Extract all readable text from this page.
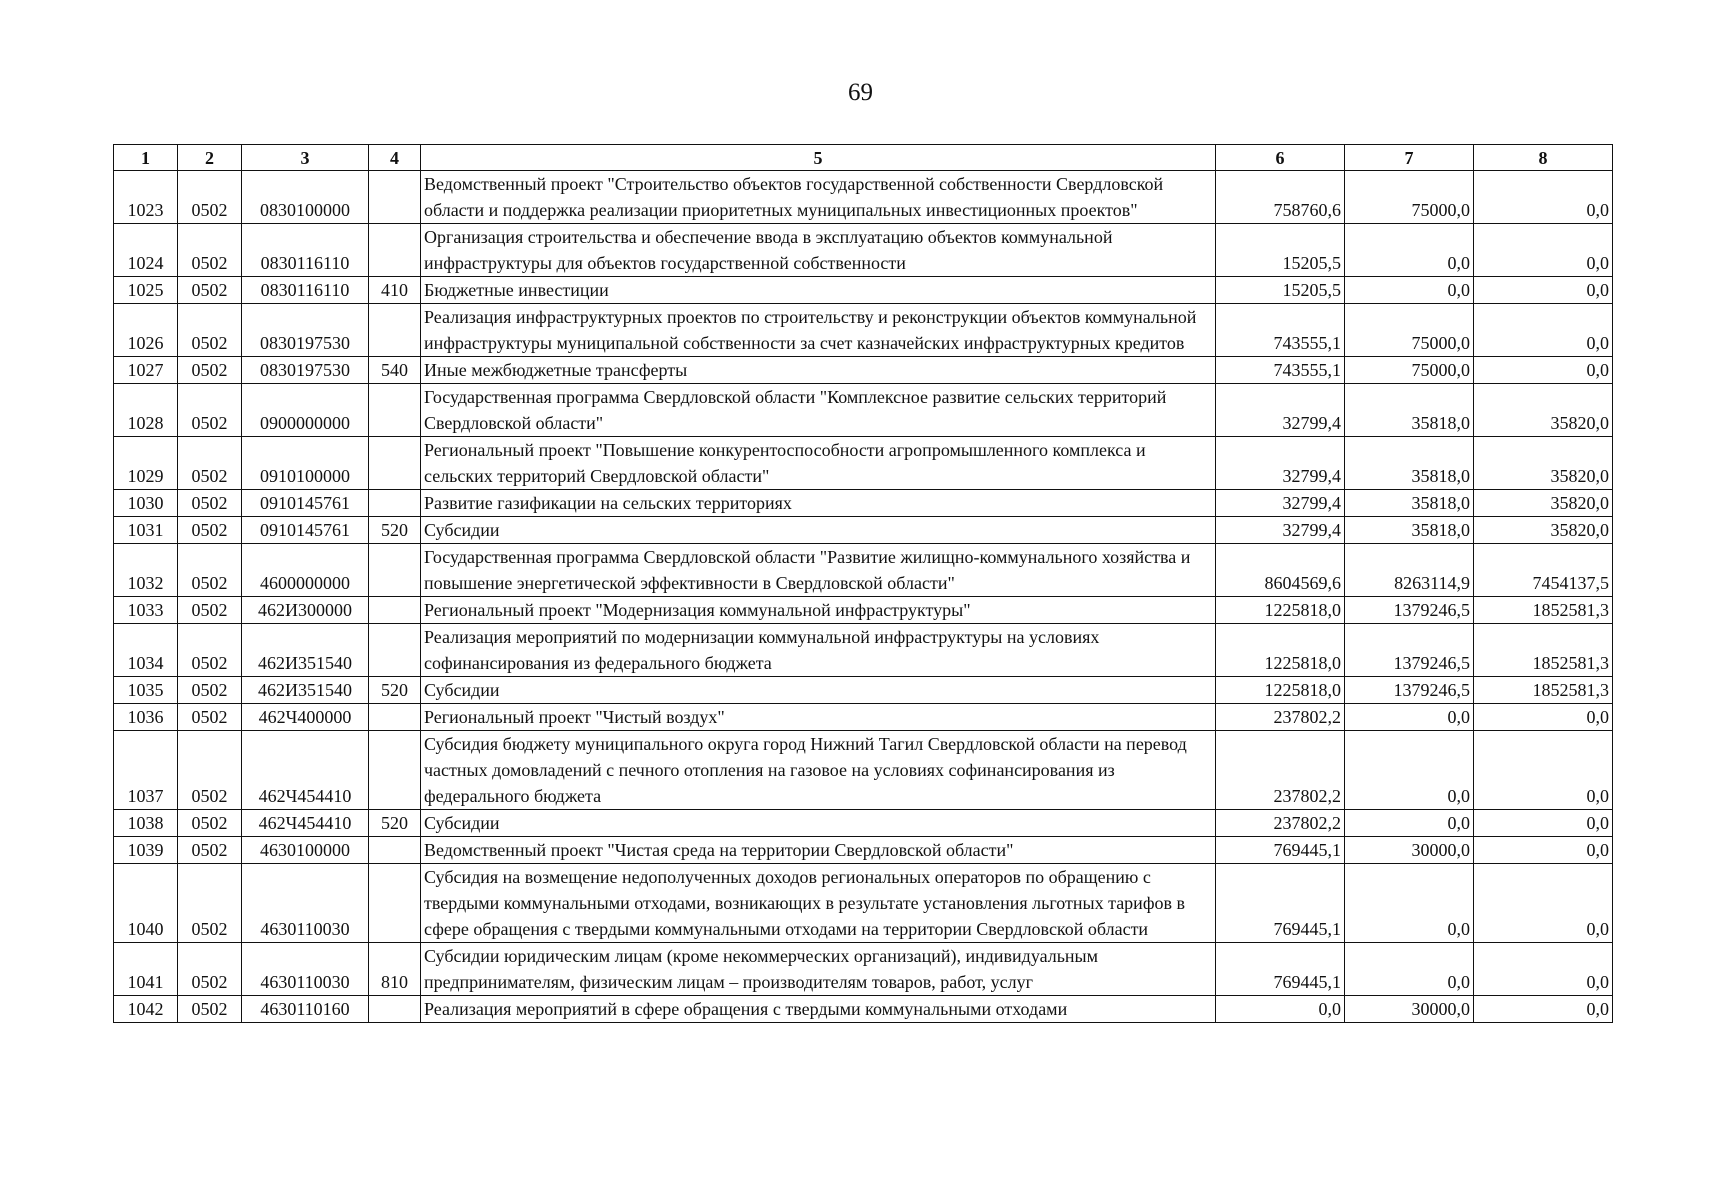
69
1	2	3	4	5	6	7	8
1023	0502	0830100000		Ведомственный проект "Строительство объектов государственной собственности Свердловской области и поддержка реализации приоритетных муниципальных инвестиционных проектов"	758760,6	75000,0	0,0
1024	0502	0830116110		Организация строительства и обеспечение ввода в эксплуатацию объектов коммунальной инфраструктуры для объектов государственной собственности	15205,5	0,0	0,0
1025	0502	0830116110	410	Бюджетные инвестиции	15205,5	0,0	0,0
1026	0502	0830197530		Реализация инфраструктурных проектов по строительству и реконструкции объектов коммунальной инфраструктуры муниципальной собственности за счет казначейских инфраструктурных кредитов	743555,1	75000,0	0,0
1027	0502	0830197530	540	Иные межбюджетные трансферты	743555,1	75000,0	0,0
1028	0502	0900000000		Государственная программа Свердловской области "Комплексное развитие сельских территорий Свердловской области"	32799,4	35818,0	35820,0
1029	0502	0910100000		Региональный проект "Повышение конкурентоспособности агропромышленного комплекса и сельских территорий Свердловской области"	32799,4	35818,0	35820,0
1030	0502	0910145761		Развитие газификации на сельских территориях	32799,4	35818,0	35820,0
1031	0502	0910145761	520	Субсидии	32799,4	35818,0	35820,0
1032	0502	4600000000		Государственная программа Свердловской области "Развитие жилищно-коммунального хозяйства и повышение энергетической эффективности в Свердловской области"	8604569,6	8263114,9	7454137,5
1033	0502	462И300000		Региональный проект "Модернизация коммунальной инфраструктуры"	1225818,0	1379246,5	1852581,3
1034	0502	462И351540		Реализация мероприятий по модернизации коммунальной инфраструктуры на условиях софинансирования из федерального бюджета	1225818,0	1379246,5	1852581,3
1035	0502	462И351540	520	Субсидии	1225818,0	1379246,5	1852581,3
1036	0502	462Ч400000		Региональный проект "Чистый воздух"	237802,2	0,0	0,0
1037	0502	462Ч454410		Субсидия бюджету муниципального округа город Нижний Тагил Свердловской области на перевод частных домовладений с печного отопления на газовое на условиях софинансирования из федерального бюджета	237802,2	0,0	0,0
1038	0502	462Ч454410	520	Субсидии	237802,2	0,0	0,0
1039	0502	4630100000		Ведомственный проект "Чистая среда на территории Свердловской области"	769445,1	30000,0	0,0
1040	0502	4630110030		Субсидия на возмещение недополученных доходов региональных операторов по обращению с твердыми коммунальными отходами, возникающих в результате установления льготных тарифов в сфере обращения с твердыми коммунальными отходами на территории Свердловской области	769445,1	0,0	0,0
1041	0502	4630110030	810	Субсидии юридическим лицам (кроме некоммерческих организаций), индивидуальным предпринимателям, физическим лицам – производителям товаров, работ, услуг	769445,1	0,0	0,0
1042	0502	4630110160		Реализация мероприятий в сфере обращения с твердыми коммунальными отходами	0,0	30000,0	0,0
